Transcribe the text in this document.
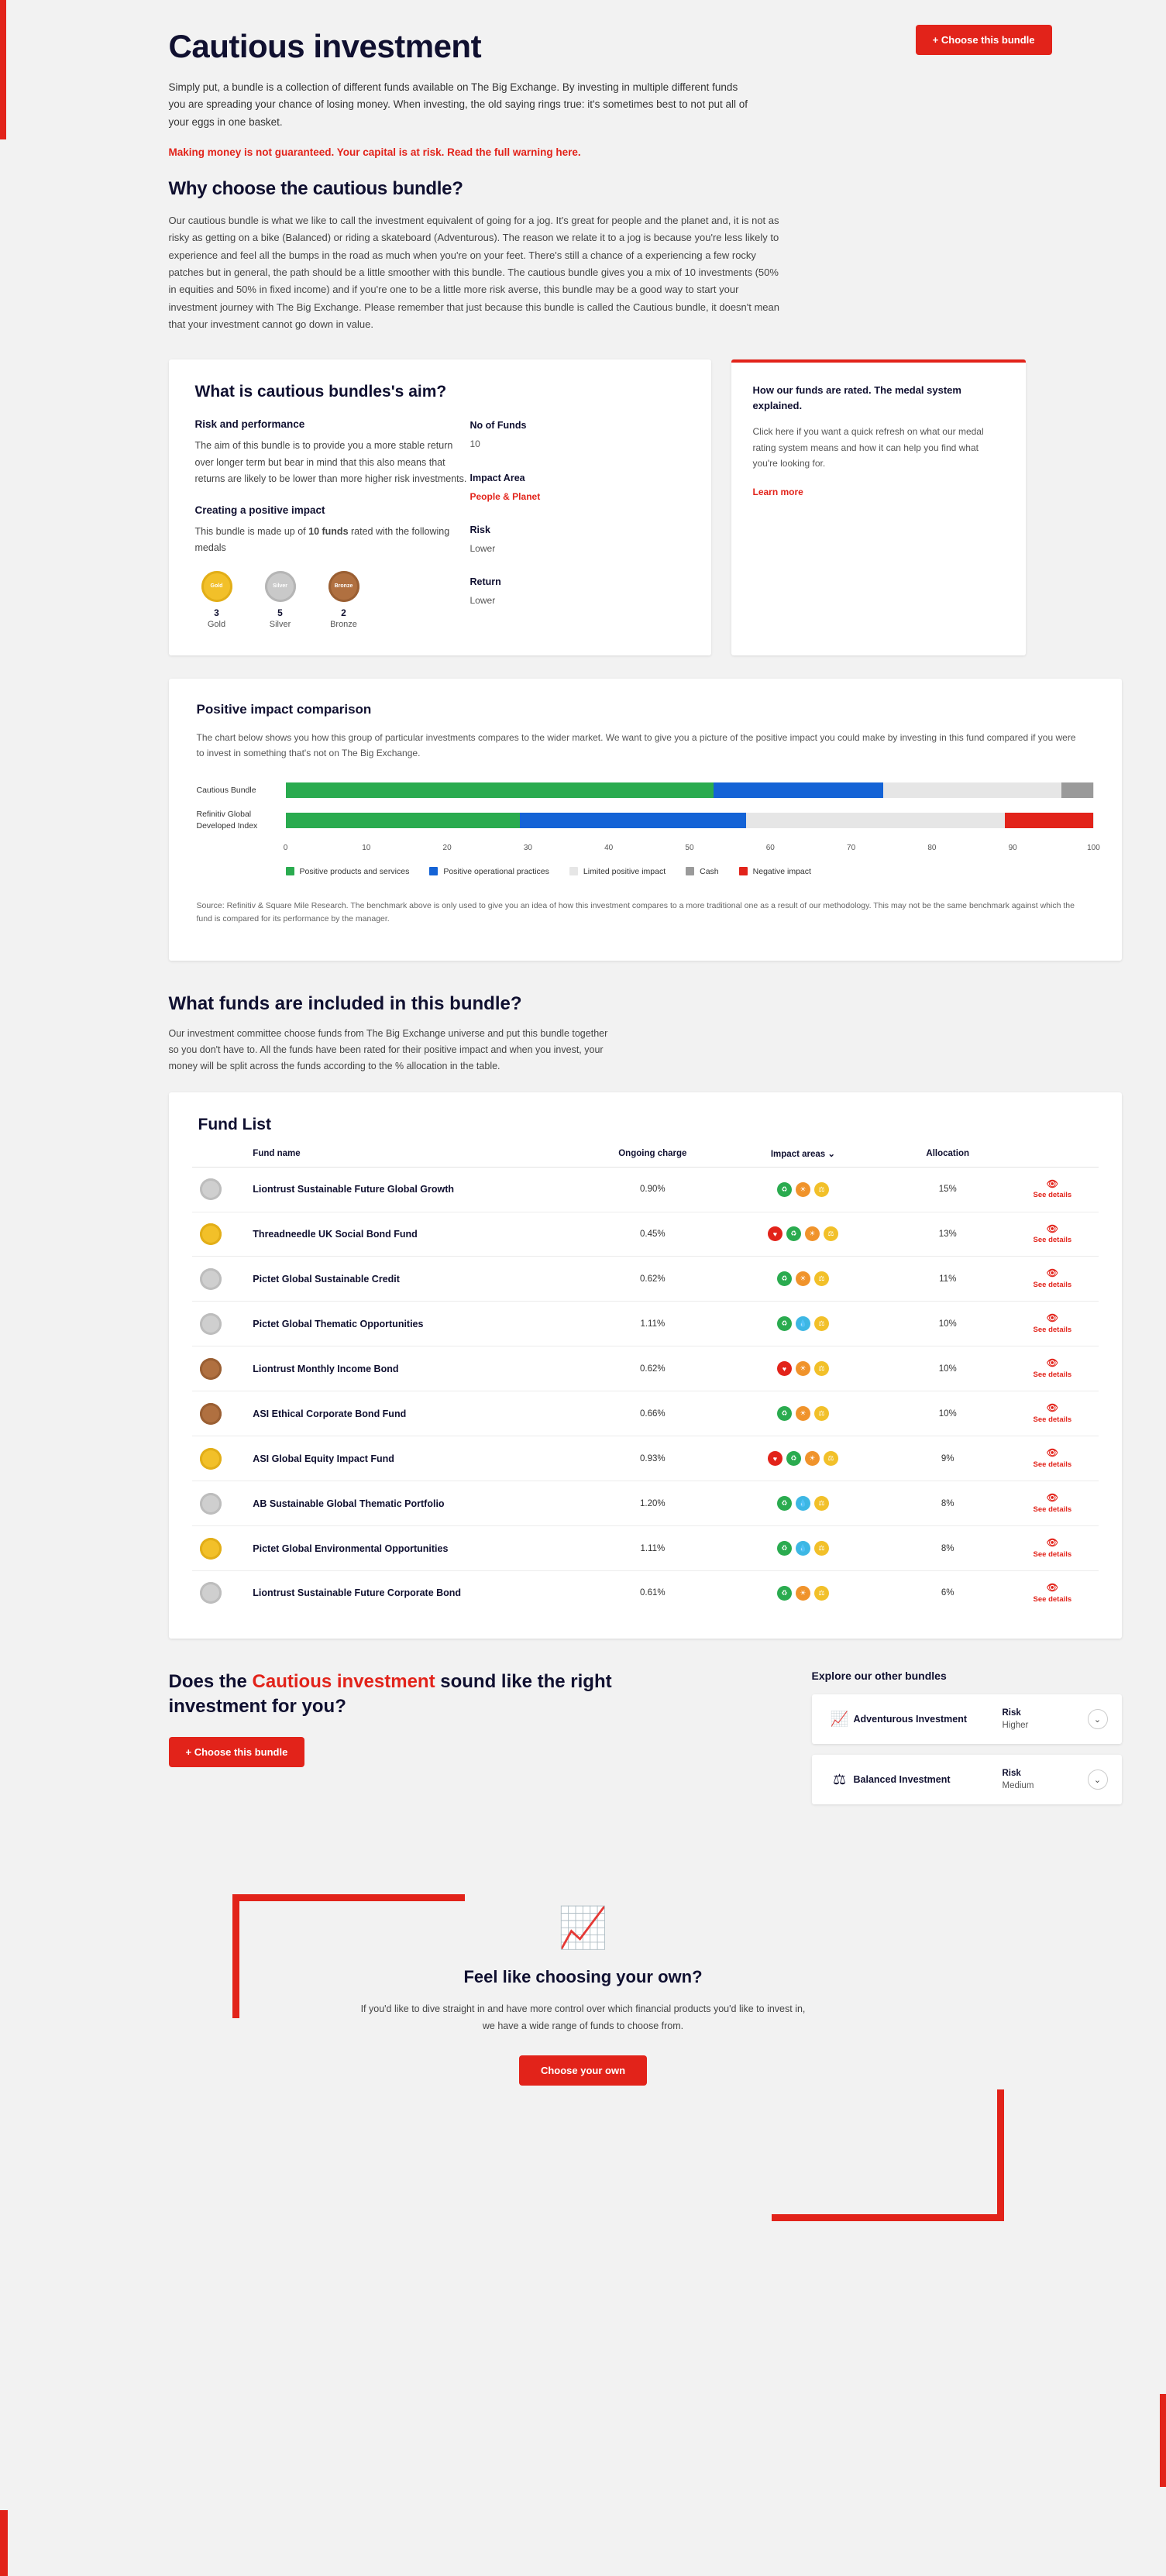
+ Choose this bundle
Cautious investment

Simply put, a bundle is a collection of different funds available on The Big Exchange. By investing in multiple different funds you are spreading your chance of losing money. When investing, the old saying rings true: it's sometimes best to not put all of your eggs in one basket.

Making money is not guaranteed. Your capital is at risk. Read the full warning here.

Why choose the cautious bundle?

Our cautious bundle is what we like to call the investment equivalent of going for a jog. It's great for people and the planet and, it is not as risky as getting on a bike (Balanced) or riding a skateboard (Adventurous). The reason we relate it to a jog is because you're less likely to experience and feel all the bumps in the road as much when you're on your feet. There's still a chance of a experiencing a few rocky patches but in general, the path should be a little smoother with this bundle. The cautious bundle gives you a mix of 10 investments (50% in equities and 50% in fixed income) and if you're one to be a little more risk averse, this bundle may be a good way to start your investment journey with The Big Exchange. Please remember that just because this bundle is called the Cautious bundle, it doesn't mean that your investment cannot go down in value.

What is cautious bundles's aim?
Risk and performance

The aim of this bundle is to provide you a more stable return over longer term but bear in mind that this also means that returns are likely to be lower than more higher risk investments.

Creating a positive impact

This bundle is made up of 10 funds rated with the following medals

Gold
3
Gold
Silver
5
Silver
Bronze
2
Bronze
No of Funds
10
Impact Area
People & Planet
Risk
Lower
Return
Lower
How our funds are rated. The medal system explained.

Click here if you want a quick refresh on what our medal rating system means and how it can help you find what you're looking for.

Learn more
Positive impact comparison

The chart below shows you how this group of particular investments compares to the wider market. We want to give you a picture of the positive impact you could make by investing in this fund compared if you were to invest in something that's not on The Big Exchange.

Cautious Bundle
Refinitiv Global Developed Index
0	10	20	30	40	50	60	70	80	90	100
Positive products and services	Positive operational practices	Limited positive impact	Cash	Negative impact

Source: Refinitiv & Square Mile Research. The benchmark above is only used to give you an idea of how this investment compares to a more traditional one as a result of our methodology. This may not be the same benchmark against which the fund is compared for its performance by the manager.

What funds are included in this bundle?

Our investment committee choose funds from The Big Exchange universe and put this bundle together so you don't have to. All the funds have been rated for their positive impact and when you invest, your money will be split across the funds according to the % allocation in the table.

Fund List
Fund name	Ongoing charge	Impact areas ⌄	Allocation
Liontrust Sustainable Future Global Growth	0.90%	♻	☀	⚖	15%
👁
See details
Threadneedle UK Social Bond Fund	0.45%	♥	♻	☀	⚖	13%
👁
See details
Pictet Global Sustainable Credit	0.62%	♻	☀	⚖	11%
👁
See details
Pictet Global Thematic Opportunities	1.11%	♻	💧	⚖	10%
👁
See details
Liontrust Monthly Income Bond	0.62%	♥	☀	⚖	10%
👁
See details
ASI Ethical Corporate Bond Fund	0.66%	♻	☀	⚖	10%
👁
See details
ASI Global Equity Impact Fund	0.93%	♥	♻	☀	⚖	9%
👁
See details
AB Sustainable Global Thematic Portfolio	1.20%	♻	💧	⚖	8%
👁
See details
Pictet Global Environmental Opportunities	1.11%	♻	💧	⚖	8%
👁
See details
Liontrust Sustainable Future Corporate Bond	0.61%	♻	☀	⚖	6%
👁
See details
Does the Cautious investment sound like the right investment for you?
+ Choose this bundle
Explore our other bundles
📈 Adventurous Investment
Risk
Higher
⌄
⚖ Balanced Investment
Risk
Medium
⌄
📈
Feel like choosing your own?

If you'd like to dive straight in and have more control over which financial products you'd like to invest in, we have a wide range of funds to choose from.

Choose your own
